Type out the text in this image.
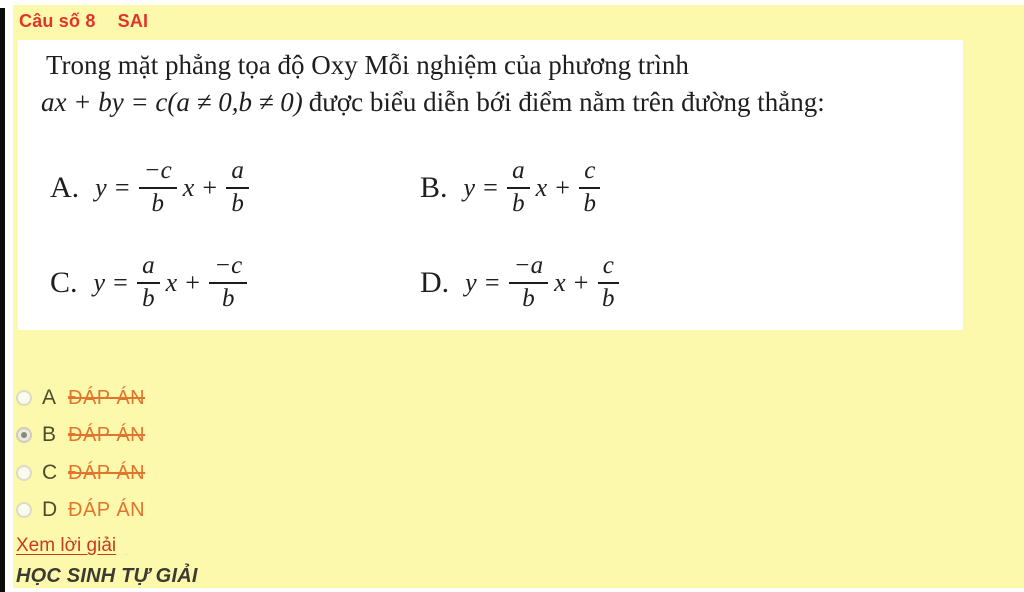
Câu số 8 SAI
Trong mặt phẳng tọa độ Oxy Mỗi nghiệm của phương trình
ax + by = c(a ≠ 0,b ≠ 0) được biểu diễn bới điểm nằm trên đường thẳng:
A. $y = \frac{-c}{b}$ $x + \frac{a}{b}$	B. $y = \frac{a}{b}$ $x + \frac{c}{b}$
C. $y = \frac{a}{b}$ $x + \frac{-c}{b}$	D. $y = \frac{-a}{b}$ $x + \frac{c}{b}$
A ĐÁP ÁN
B ĐÁP ÁN
C ĐÁP ÁN
D ĐÁP ÁN
Xem lời giải
HỌC SINH TỰ GIẢI
